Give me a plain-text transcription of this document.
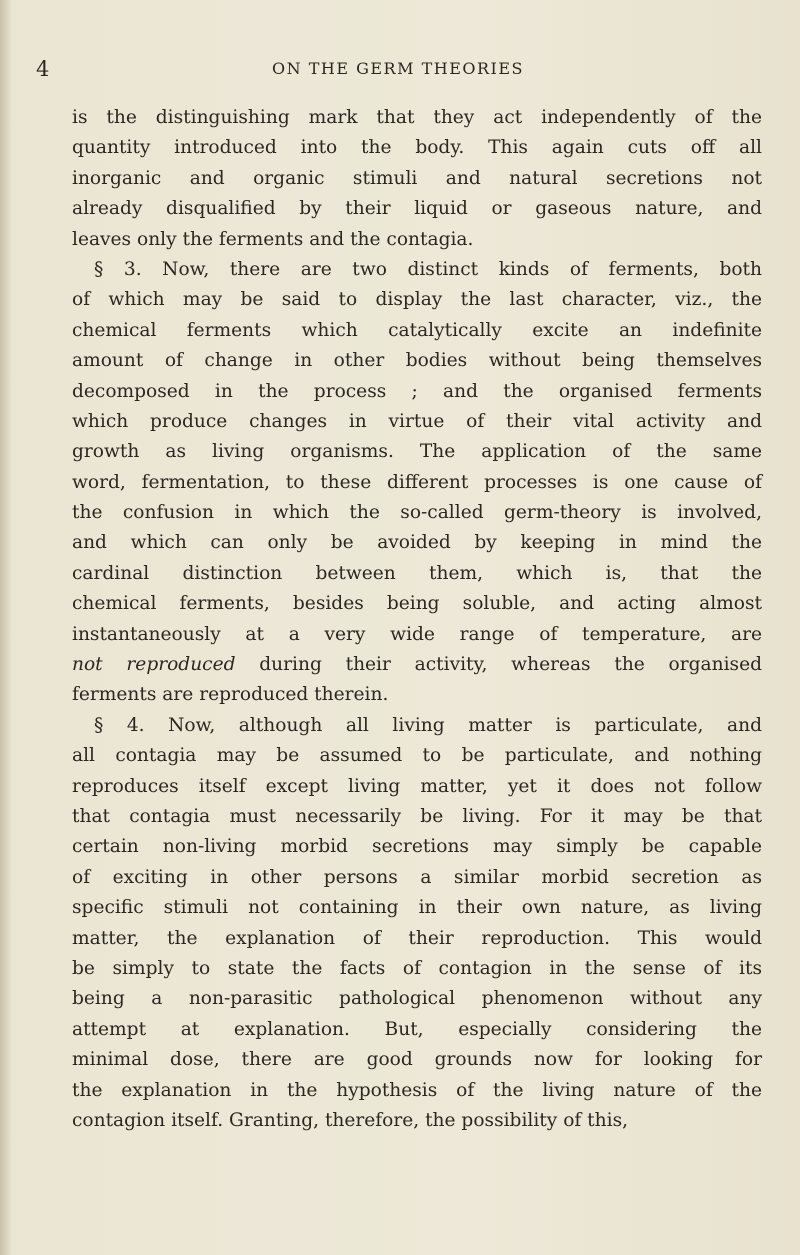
4	ON THE GERM THEORIES
is the distinguishing mark that they act independently of the
quantity introduced into the body. This again cuts off all
inorganic and organic stimuli and natural secretions not
already disqualified by their liquid or gaseous nature, and
leaves only the ferments and the contagia.
§ 3. Now, there are two distinct kinds of ferments, both
of which may be said to display the last character, viz., the
chemical ferments which catalytically excite an indefinite
amount of change in other bodies without being themselves
decomposed in the process ; and the organised ferments
which produce changes in virtue of their vital activity and
growth as living organisms. The application of the same
word, fermentation, to these different processes is one cause of
the confusion in which the so-called germ-theory is involved,
and which can only be avoided by keeping in mind the
cardinal distinction between them, which is, that the
chemical ferments, besides being soluble, and acting almost
instantaneously at a very wide range of temperature, are
not reproduced during their activity, whereas the organised
ferments are reproduced therein.
§ 4. Now, although all living matter is particulate, and
all contagia may be assumed to be particulate, and nothing
reproduces itself except living matter, yet it does not follow
that contagia must necessarily be living. For it may be that
certain non-living morbid secretions may simply be capable
of exciting in other persons a similar morbid secretion as
specific stimuli not containing in their own nature, as living
matter, the explanation of their reproduction. This would
be simply to state the facts of contagion in the sense of its
being a non-parasitic pathological phenomenon without any
attempt at explanation. But, especially considering the
minimal dose, there are good grounds now for looking for
the explanation in the hypothesis of the living nature of the
contagion itself. Granting, therefore, the possibility of this,
